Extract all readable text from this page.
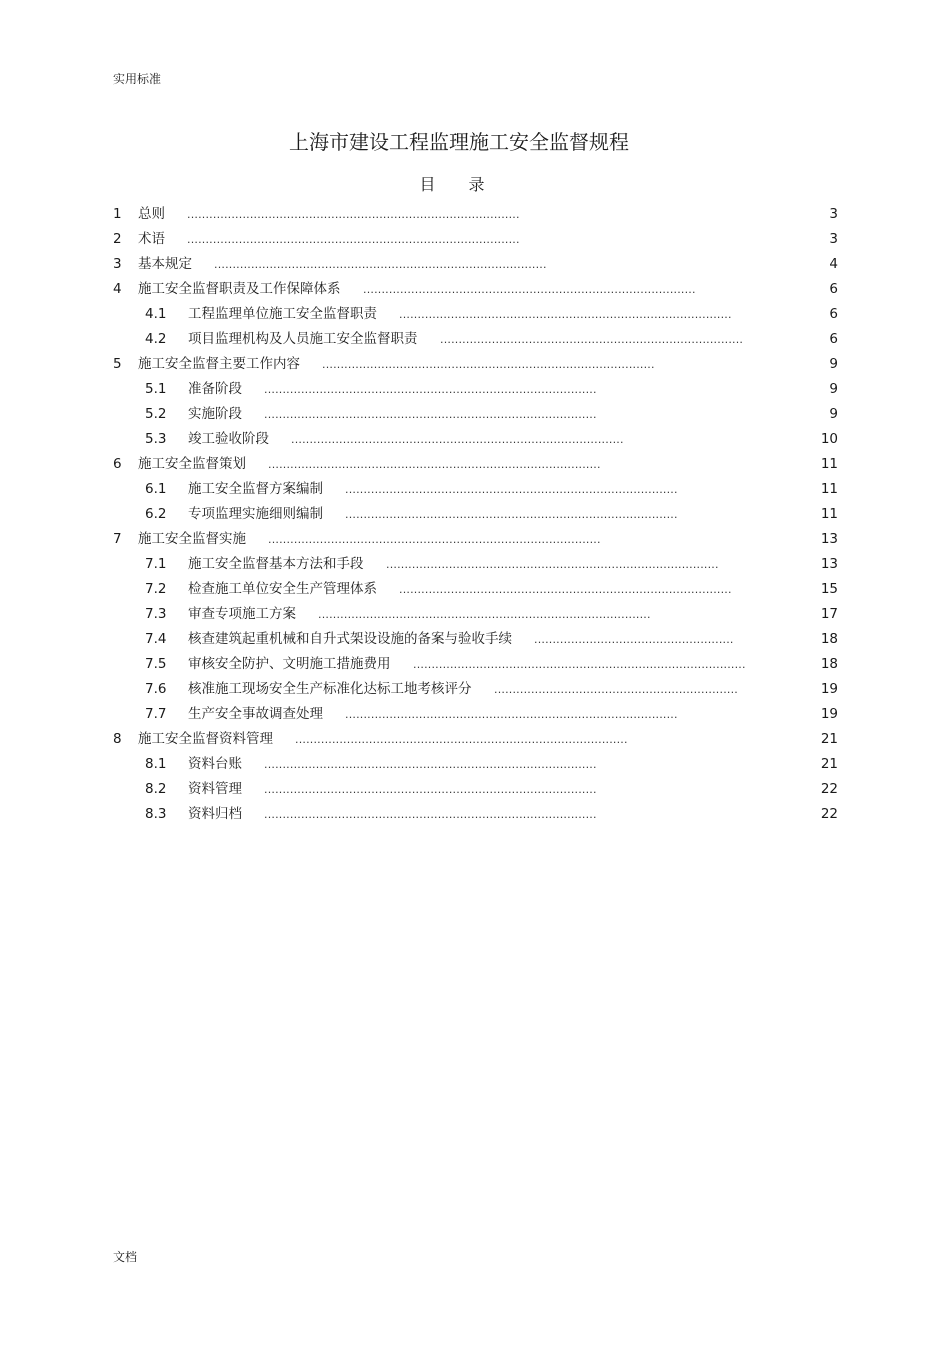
实用标准
上海市建设工程监理施工安全监督规程
目 录
1 总则 ..........................................................................................	3
2 术语 ..........................................................................................	3
3 基本规定 ..........................................................................................	4
4 施工安全监督职责及工作保障体系 ..........................................................................................	6
4.1 工程监理单位施工安全监督职责 ..........................................................................................	6
4.2 项目监理机构及人员施工安全监督职责 ..................................................................................	6
5 施工安全监督主要工作内容 ..........................................................................................	9
5.1 准备阶段 ..........................................................................................	9
5.2 实施阶段 ..........................................................................................	9
5.3 竣工验收阶段 ..........................................................................................	10
6 施工安全监督策划 ..........................................................................................	11
6.1 施工安全监督方案编制 ..........................................................................................	11
6.2 专项监理实施细则编制 ..........................................................................................	11
7 施工安全监督实施 ..........................................................................................	13
7.1 施工安全监督基本方法和手段 ..........................................................................................	13
7.2 检查施工单位安全生产管理体系 ..........................................................................................	15
7.3 审查专项施工方案 ..........................................................................................	17
7.4 核查建筑起重机械和自升式架设设施的备案与验收手续 ......................................................	18
7.5 审核安全防护、文明施工措施费用 ..........................................................................................	18
7.6 核准施工现场安全生产标准化达标工地考核评分 ..................................................................	19
7.7 生产安全事故调查处理 ..........................................................................................	19
8 施工安全监督资料管理 ..........................................................................................	21
8.1 资料台账 ..........................................................................................	21
8.2 资料管理 ..........................................................................................	22
8.3 资料归档 ..........................................................................................	22
文档
